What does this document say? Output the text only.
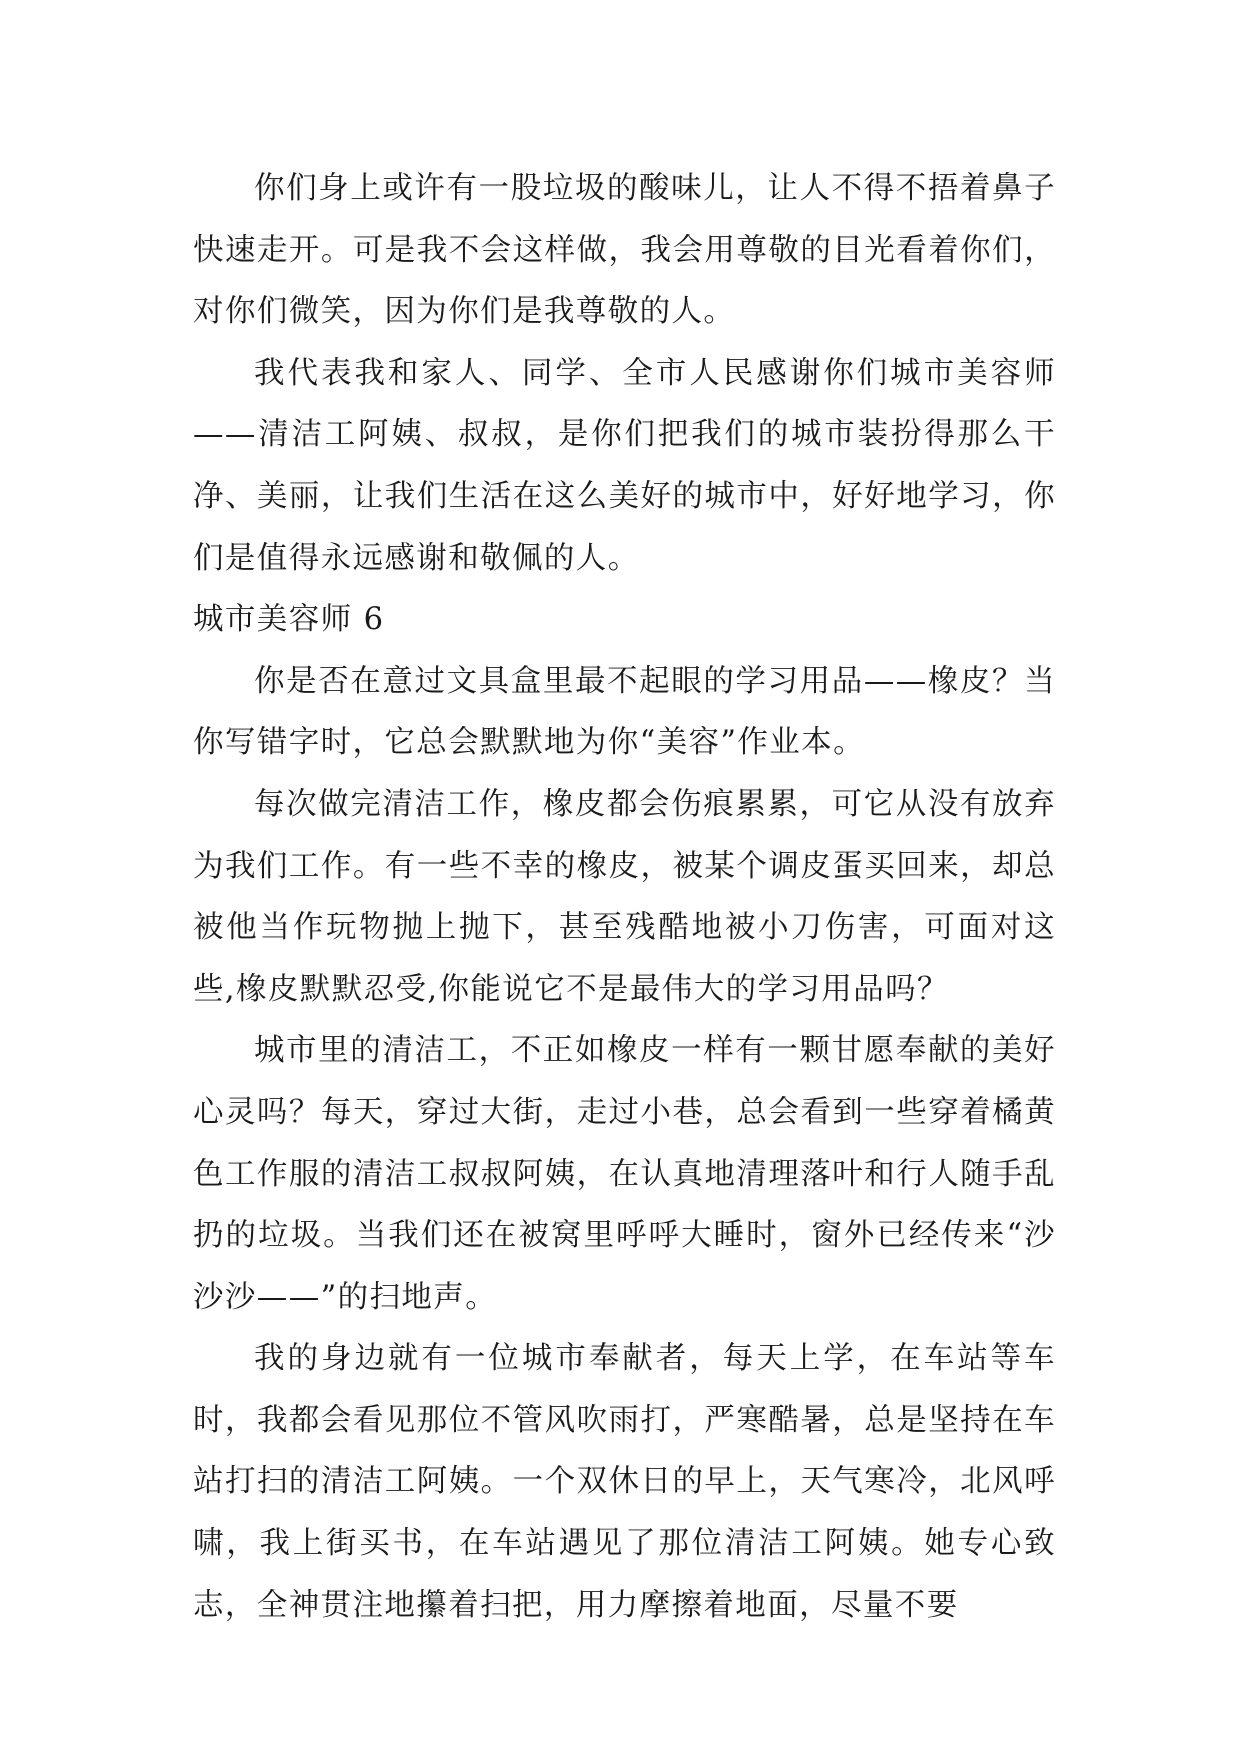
你们身上或许有一股垃圾的酸味儿，让人不得不捂着鼻子快速走开。可是我不会这样做，我会用尊敬的目光看着你们，对你们微笑，因为你们是我尊敬的人。

我代表我和家人、同学、全市人民感谢你们城市美容师——清洁工阿姨、叔叔，是你们把我们的城市装扮得那么干净、美丽，让我们生活在这么美好的城市中，好好地学习，你们是值得永远感谢和敬佩的人。

城市美容师 6

你是否在意过文具盒里最不起眼的学习用品——橡皮？当你写错字时，它总会默默地为你“美容”作业本。

每次做完清洁工作，橡皮都会伤痕累累，可它从没有放弃为我们工作。有一些不幸的橡皮，被某个调皮蛋买回来，却总被他当作玩物抛上抛下，甚至残酷地被小刀伤害，可面对这些,橡皮默默忍受,你能说它不是最伟大的学习用品吗？

城市里的清洁工，不正如橡皮一样有一颗甘愿奉献的美好心灵吗？每天，穿过大街，走过小巷，总会看到一些穿着橘黄色工作服的清洁工叔叔阿姨，在认真地清理落叶和行人随手乱扔的垃圾。当我们还在被窝里呼呼大睡时，窗外已经传来“沙沙沙——”的扫地声。

我的身边就有一位城市奉献者，每天上学，在车站等车时，我都会看见那位不管风吹雨打，严寒酷暑，总是坚持在车站打扫的清洁工阿姨。一个双休日的早上，天气寒冷，北风呼啸，我上街买书，在车站遇见了那位清洁工阿姨。她专心致志，全神贯注地攥着扫把，用力摩擦着地面，尽量不要
